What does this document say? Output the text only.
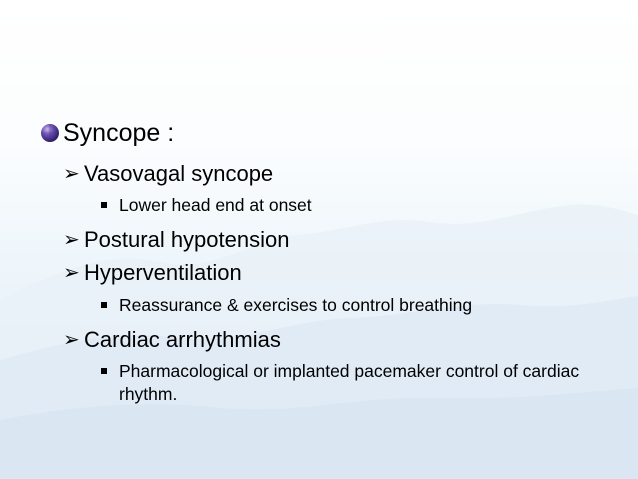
Syncope :
➢ Vasovagal syncope
Lower head end at onset
➢ Postural hypotension
➢ Hyperventilation
Reassurance & exercises to control breathing
➢ Cardiac arrhythmias
Pharmacological or implanted pacemaker control of cardiac rhythm.
